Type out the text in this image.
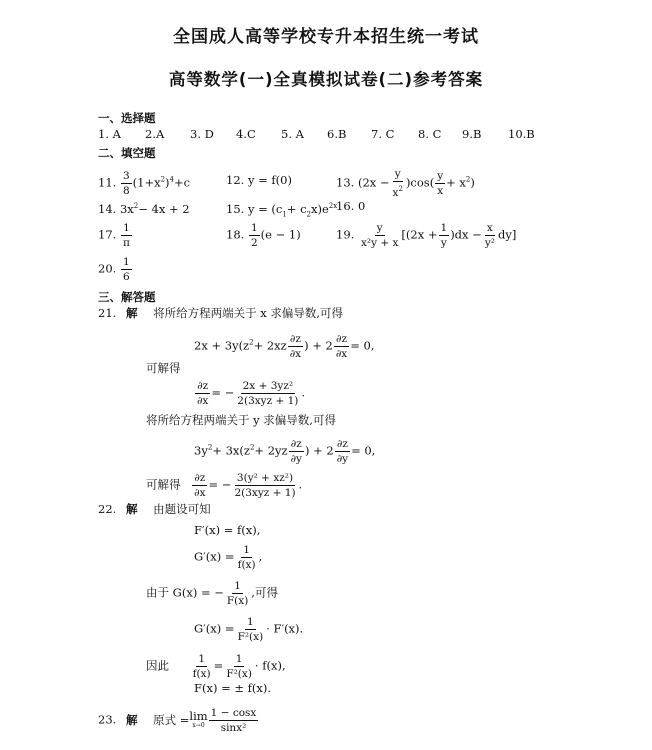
全国成人高等学校专升本招生统一考试
高等数学(一)全真模拟试卷(二)参考答案
一、选择题
1. A 2.A 3. D 4.C 5. A 6.B 7. C 8. C 9.B 10.B
二、填空题
11. $\frac{3}{8} (1+x^2)^4+c$	12. y = f(0)	13. $(2x - \frac{y}{x^2} )\cos( \frac{y}{x} + x^2)$
14. $3x^2- 4x + 2$	15. $y = (c_1+ c_2x)e^{2x}$
16. 0
17. $\frac{1}{\pi}$	18. $\frac{1}{2} (e - 1)$	19. $\frac{y}{\text{x²y + x}} [(2x + \frac{1}{y} )dx - \frac{x}{\text{y²}} dy]$
20. $\frac{1}{6}$
三、解答题
21. 解 将所给方程两端关于 x 求偏导数,可得
$2x + 3y(z^2+ 2xz \frac{\partial z}{\partial x}$ ) + $2 \frac{\partial z}{\partial x} = 0$,
可解得
$\frac{\partial z}{\partial x}$ = − $\frac{\text{2x + 3yz²}}{\text{2(3xyz + 1)}}$ .
将所给方程两端关于 y 求偏导数,可得
$3y^2+ 3x(z^2+ 2yz \frac{\partial z}{\partial y}$ ) + $2 \frac{\partial z}{\partial y} = 0$,
可解得 $\frac{\partial z}{\partial x}$ = − $\frac{\text{3(y² + xz²)}}{\text{2(3xyz + 1)}}$ .
22. 解 由题设可知
F′(x) = f(x),
$G'(x) = \frac{1}{f(x)}$ ,
由于 G(x) = − $\frac{1}{F(x)}$ ,可得
$G'(x) = \frac{1}{\text{F²(x)}} \cdot F'(x)$.
因此 $\frac{1}{f(x)} = \frac{1}{\text{F²(x)}} \cdot f(x)$,
F(x) = ± f(x).
23. 解 原式 = lim
$x\to 0 \frac{1 - \cos x}{\text{sinx²}}$
